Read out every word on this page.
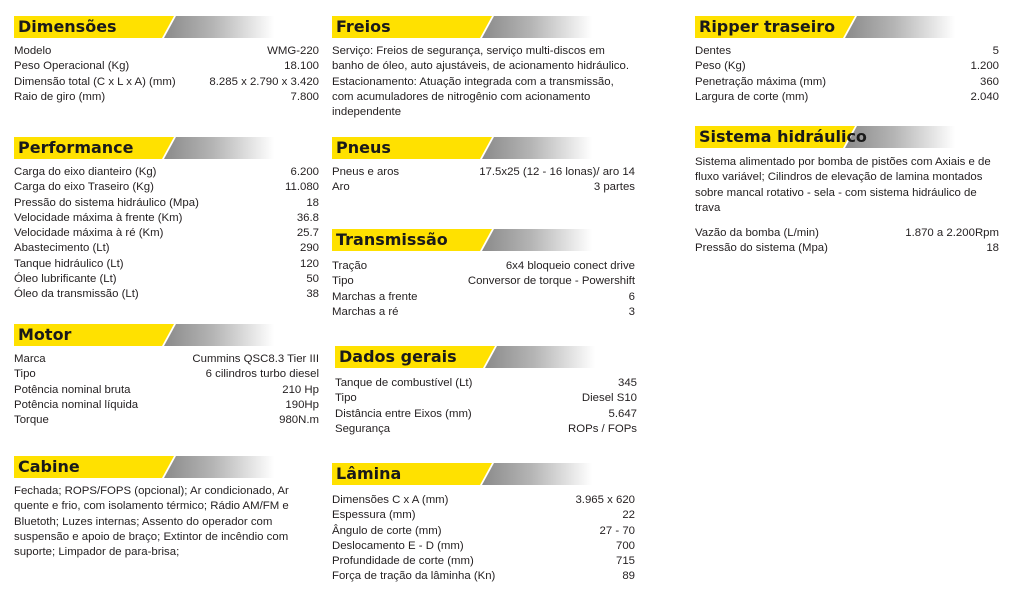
Dimensões
Modelo	WMG-220
Peso Operacional (Kg)	18.100
Dimensão total (C x L x A) (mm)	8.285 x 2.790 x 3.420
Raio de giro (mm)	7.800
Performance
Carga do eixo dianteiro (Kg)	6.200
Carga do eixo Traseiro (Kg)	11.080
Pressão do sistema hidráulico (Mpa)	18
Velocidade máxima à frente (Km)	36.8
Velocidade máxima à ré (Km)	25.7
Abastecimento (Lt)	290
Tanque hidráulico (Lt)	120
Óleo lubrificante (Lt)	50
Óleo da transmissão (Lt)	38
Motor
Marca	Cummins QSC8.3 Tier III
Tipo	6 cilindros turbo diesel
Potência nominal bruta	210 Hp
Potência nominal líquida	190Hp
Torque	980N.m
Cabine
Fechada; ROPS/FOPS (opcional); Ar condicionado, Ar quente e frio, com isolamento térmico; Rádio AM/FM e Bluetoth; Luzes internas; Assento do operador com suspensão e apoio de braço; Extintor de incêndio com suporte; Limpador de para-brisa;
Freios
Serviço: Freios de segurança, serviço multi-discos em banho de óleo, auto ajustáveis, de acionamento hidráulico. Estacionamento: Atuação integrada com a transmissão, com acumuladores de nitrogênio com acionamento independente
Pneus
Pneus e aros	17.5x25 (12 - 16 lonas)/ aro 14
Aro	3 partes
Transmissão
Tração	6x4 bloqueio conect drive
Tipo	Conversor de torque - Powershift
Marchas a frente	6
Marchas a ré	3
Dados gerais
Tanque de combustível (Lt)	345
Tipo	Diesel S10
Distância entre Eixos (mm)	5.647
Segurança	ROPs / FOPs
Lâmina
Dimensões C x A (mm)	3.965 x 620
Espessura (mm)	22
Ângulo de corte (mm)	27 - 70
Deslocamento E - D (mm)	700
Profundidade de corte (mm)	715
Força de tração da lâminha (Kn)	89
Ripper traseiro
Dentes	5
Peso (Kg)	1.200
Penetração máxima (mm)	360
Largura de corte (mm)	2.040
Sistema hidráulico
Sistema alimentado por bomba de pistões com Axiais e de fluxo variável; Cilindros de elevação de lamina montados sobre mancal rotativo - sela - com sistema hidráulico de trava
Vazão da bomba (L/min)	1.870 a 2.200Rpm
Pressão do sistema (Mpa)	18
